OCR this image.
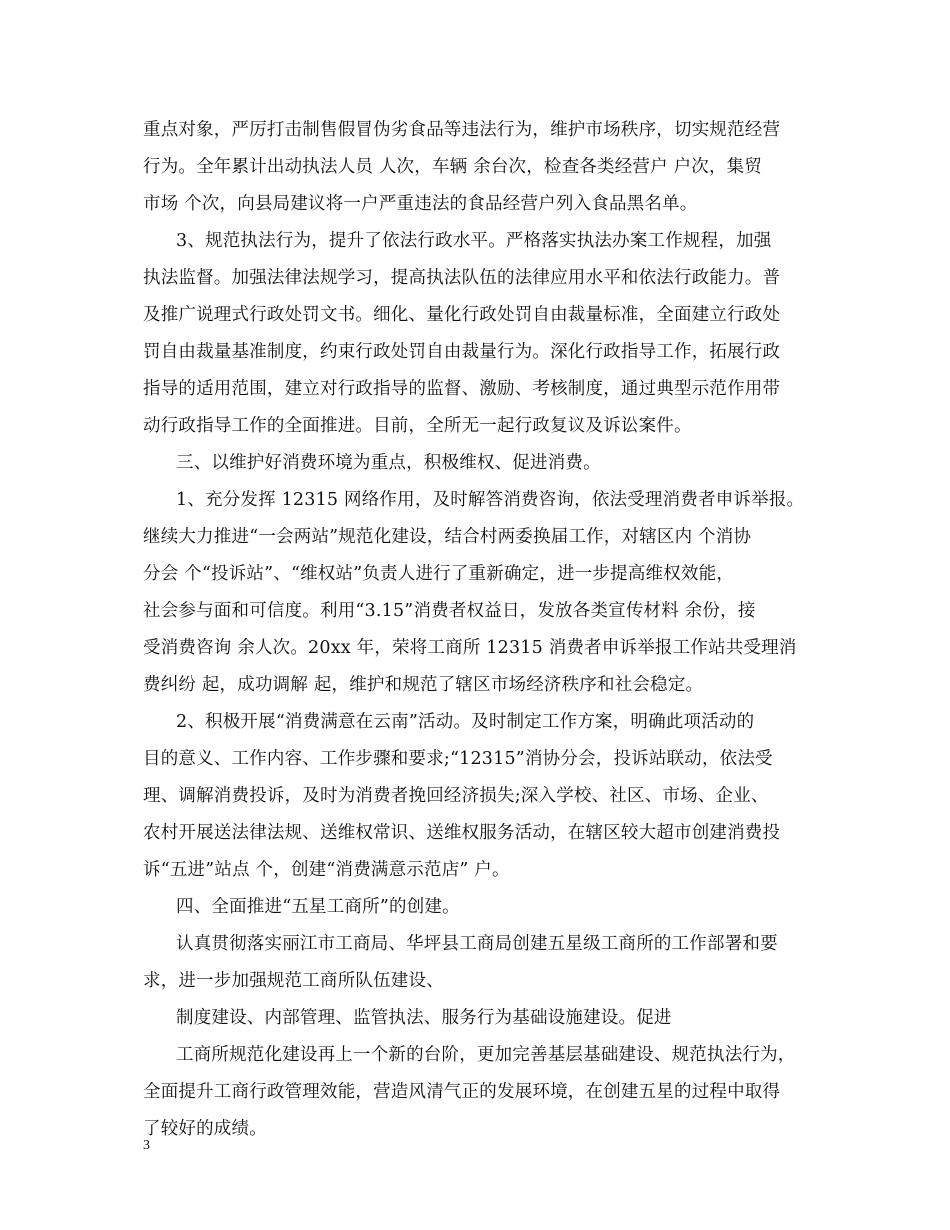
重点对象，严厉打击制售假冒伪劣食品等违法行为，维护市场秩序，切实规范经营
行为。全年累计出动执法人员 人次，车辆 余台次，检查各类经营户 户次，集贸
市场 个次，向县局建议将一户严重违法的食品经营户列入食品黑名单。
3、规范执法行为，提升了依法行政水平。严格落实执法办案工作规程，加强
执法监督。加强法律法规学习，提高执法队伍的法律应用水平和依法行政能力。普
及推广说理式行政处罚文书。细化、量化行政处罚自由裁量标准，全面建立行政处
罚自由裁量基准制度，约束行政处罚自由裁量行为。深化行政指导工作，拓展行政
指导的适用范围，建立对行政指导的监督、激励、考核制度，通过典型示范作用带
动行政指导工作的全面推进。目前，全所无一起行政复议及诉讼案件。
三、以维护好消费环境为重点，积极维权、促进消费。
1、充分发挥 12315 网络作用，及时解答消费咨询，依法受理消费者申诉举报。
继续大力推进“一会两站”规范化建设，结合村两委换届工作，对辖区内 个消协
分会 个“投诉站”、“维权站”负责人进行了重新确定，进一步提高维权效能，
社会参与面和可信度。利用“3.15”消费者权益日，发放各类宣传材料 余份，接
受消费咨询 余人次。20xx 年，荣将工商所 12315 消费者申诉举报工作站共受理消
费纠纷 起，成功调解 起，维护和规范了辖区市场经济秩序和社会稳定。
2、积极开展“消费满意在云南”活动。及时制定工作方案，明确此项活动的
目的意义、工作内容、工作步骤和要求;“12315”消协分会，投诉站联动，依法受
理、调解消费投诉，及时为消费者挽回经济损失;深入学校、社区、市场、企业、
农村开展送法律法规、送维权常识、送维权服务活动，在辖区较大超市创建消费投
诉“五进”站点 个，创建“消费满意示范店” 户。
四、全面推进“五星工商所”的创建。
认真贯彻落实丽江市工商局、华坪县工商局创建五星级工商所的工作部署和要
求，进一步加强规范工商所队伍建设、
制度建设、内部管理、监管执法、服务行为基础设施建设。促进
工商所规范化建设再上一个新的台阶，更加完善基层基础建设、规范执法行为，
全面提升工商行政管理效能，营造风清气正的发展环境，在创建五星的过程中取得
了较好的成绩。
3
